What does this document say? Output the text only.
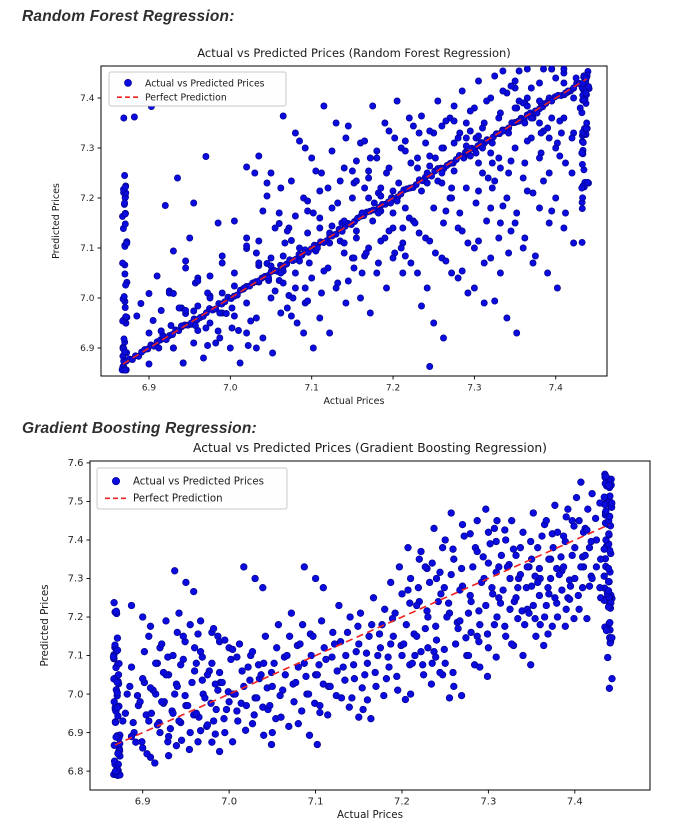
Random Forest Regression:
Actual vs Predicted Prices (Random Forest Regression)
6.9	7.0	7.1	7.2	7.3	7.4
6.9
7.0
7.1
7.2
7.3
7.4
Actual Prices
Predicted Prices
Actual vs Predicted Prices
Perfect Prediction
Gradient Boosting Regression:
Actual vs Predicted Prices (Gradient Boosting Regression)
6.9	7.0	7.1	7.2	7.3	7.4
6.8
6.9
7.0
7.1
7.2
7.3
7.4
7.5
7.6
Actual Prices
Predicted Prices
Actual vs Predicted Prices
Perfect Prediction
